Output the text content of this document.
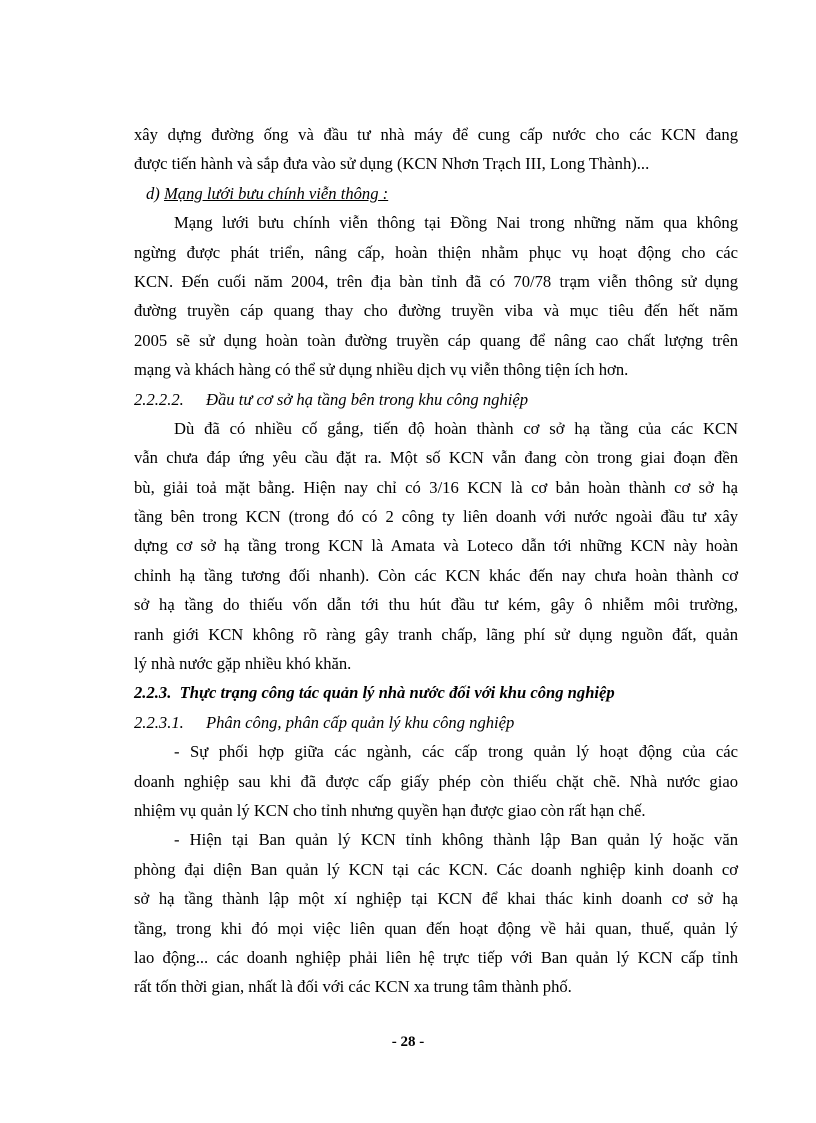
xây dựng đường ống và đầu tư nhà máy để cung cấp nước cho các KCN đang
được tiến hành và sắp đưa vào sử dụng (KCN Nhơn Trạch III, Long Thành)...
d) Mạng lưới bưu chính viễn thông :
Mạng lưới bưu chính viễn thông tại Đồng Nai trong những năm qua không
ngừng được phát triển, nâng cấp, hoàn thiện nhằm phục vụ hoạt động cho các
KCN. Đến cuối năm 2004, trên địa bàn tỉnh đã có 70/78 trạm viễn thông sử dụng
đường truyền cáp quang thay cho đường truyền viba và mục tiêu đến hết năm
2005 sẽ sử dụng hoàn toàn đường truyền cáp quang để nâng cao chất lượng trên
mạng và khách hàng có thể sử dụng nhiều dịch vụ viễn thông tiện ích hơn.
2.2.2.2. Đầu tư cơ sở hạ tầng bên trong khu công nghiệp
Dù đã có nhiều cố gắng, tiến độ hoàn thành cơ sở hạ tầng của các KCN
vẫn chưa đáp ứng yêu cầu đặt ra. Một số KCN vẫn đang còn trong giai đoạn đền
bù, giải toả mặt bằng. Hiện nay chỉ có 3/16 KCN là cơ bản hoàn thành cơ sở hạ
tầng bên trong KCN (trong đó có 2 công ty liên doanh với nước ngoài đầu tư xây
dựng cơ sở hạ tầng trong KCN là Amata và Loteco dẫn tới những KCN này hoàn
chỉnh hạ tầng tương đối nhanh). Còn các KCN khác đến nay chưa hoàn thành cơ
sở hạ tầng do thiếu vốn dẫn tới thu hút đầu tư kém, gây ô nhiễm môi trường,
ranh giới KCN không rõ ràng gây tranh chấp, lãng phí sử dụng nguồn đất, quản
lý nhà nước gặp nhiều khó khăn.
2.2.3.  Thực trạng công tác quản lý nhà nước đối với khu công nghiệp
2.2.3.1. Phân công, phân cấp quản lý khu công nghiệp
- Sự phối hợp giữa các ngành, các cấp trong quản lý hoạt động của các
doanh nghiệp sau khi đã được cấp giấy phép còn thiếu chặt chẽ. Nhà nước giao
nhiệm vụ quản lý KCN cho tỉnh nhưng quyền hạn được giao còn rất hạn chế.
- Hiện tại Ban quản lý KCN tỉnh không thành lập Ban quản lý hoặc văn
phòng đại diện Ban quản lý KCN tại các KCN. Các doanh nghiệp kinh doanh cơ
sở hạ tầng thành lập một xí nghiệp tại KCN để khai thác kinh doanh cơ sở hạ
tầng, trong khi đó mọi việc liên quan đến hoạt động về hải quan, thuế, quản lý
lao động... các doanh nghiệp phải liên hệ trực tiếp với Ban quản lý KCN cấp tỉnh
rất tốn thời gian, nhất là đối với các KCN xa trung tâm thành phố.
- 28 -
